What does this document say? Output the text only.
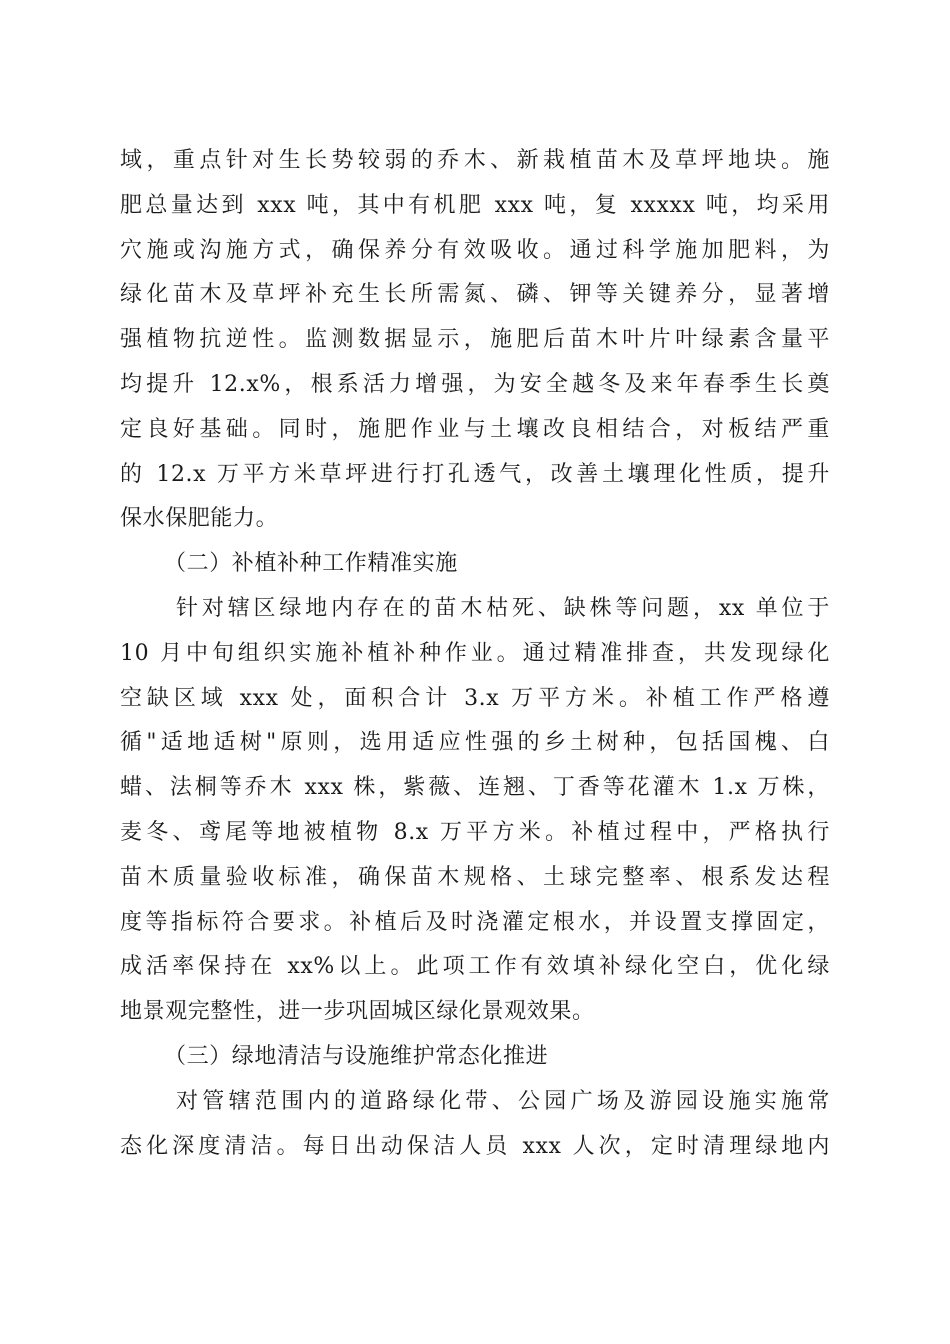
域，重点针对生长势较弱的乔木、新栽植苗木及草坪地块。施
肥总量达到 xxx 吨，其中有机肥 xxx 吨，复 xxxxx 吨，均采用
穴施或沟施方式，确保养分有效吸收。通过科学施加肥料，为
绿化苗木及草坪补充生长所需氮、磷、钾等关键养分，显著增
强植物抗逆性。监测数据显示，施肥后苗木叶片叶绿素含量平
均提升 12.x%，根系活力增强，为安全越冬及来年春季生长奠
定良好基础。同时，施肥作业与土壤改良相结合，对板结严重
的 12.x 万平方米草坪进行打孔透气，改善土壤理化性质，提升
保水保肥能力。
（二）补植补种工作精准实施
针对辖区绿地内存在的苗木枯死、缺株等问题，xx 单位于
10 月中旬组织实施补植补种作业。通过精准排查，共发现绿化
空缺区域 xxx 处，面积合计 3.x 万平方米。补植工作严格遵
循"适地适树"原则，选用适应性强的乡土树种，包括国槐、白
蜡、法桐等乔木 xxx 株，紫薇、连翘、丁香等花灌木 1.x 万株，
麦冬、鸢尾等地被植物 8.x 万平方米。补植过程中，严格执行
苗木质量验收标准，确保苗木规格、土球完整率、根系发达程
度等指标符合要求。补植后及时浇灌定根水，并设置支撑固定，
成活率保持在 xx%以上。此项工作有效填补绿化空白，优化绿
地景观完整性，进一步巩固城区绿化景观效果。
（三）绿地清洁与设施维护常态化推进
对管辖范围内的道路绿化带、公园广场及游园设施实施常
态化深度清洁。每日出动保洁人员 xxx 人次，定时清理绿地内
